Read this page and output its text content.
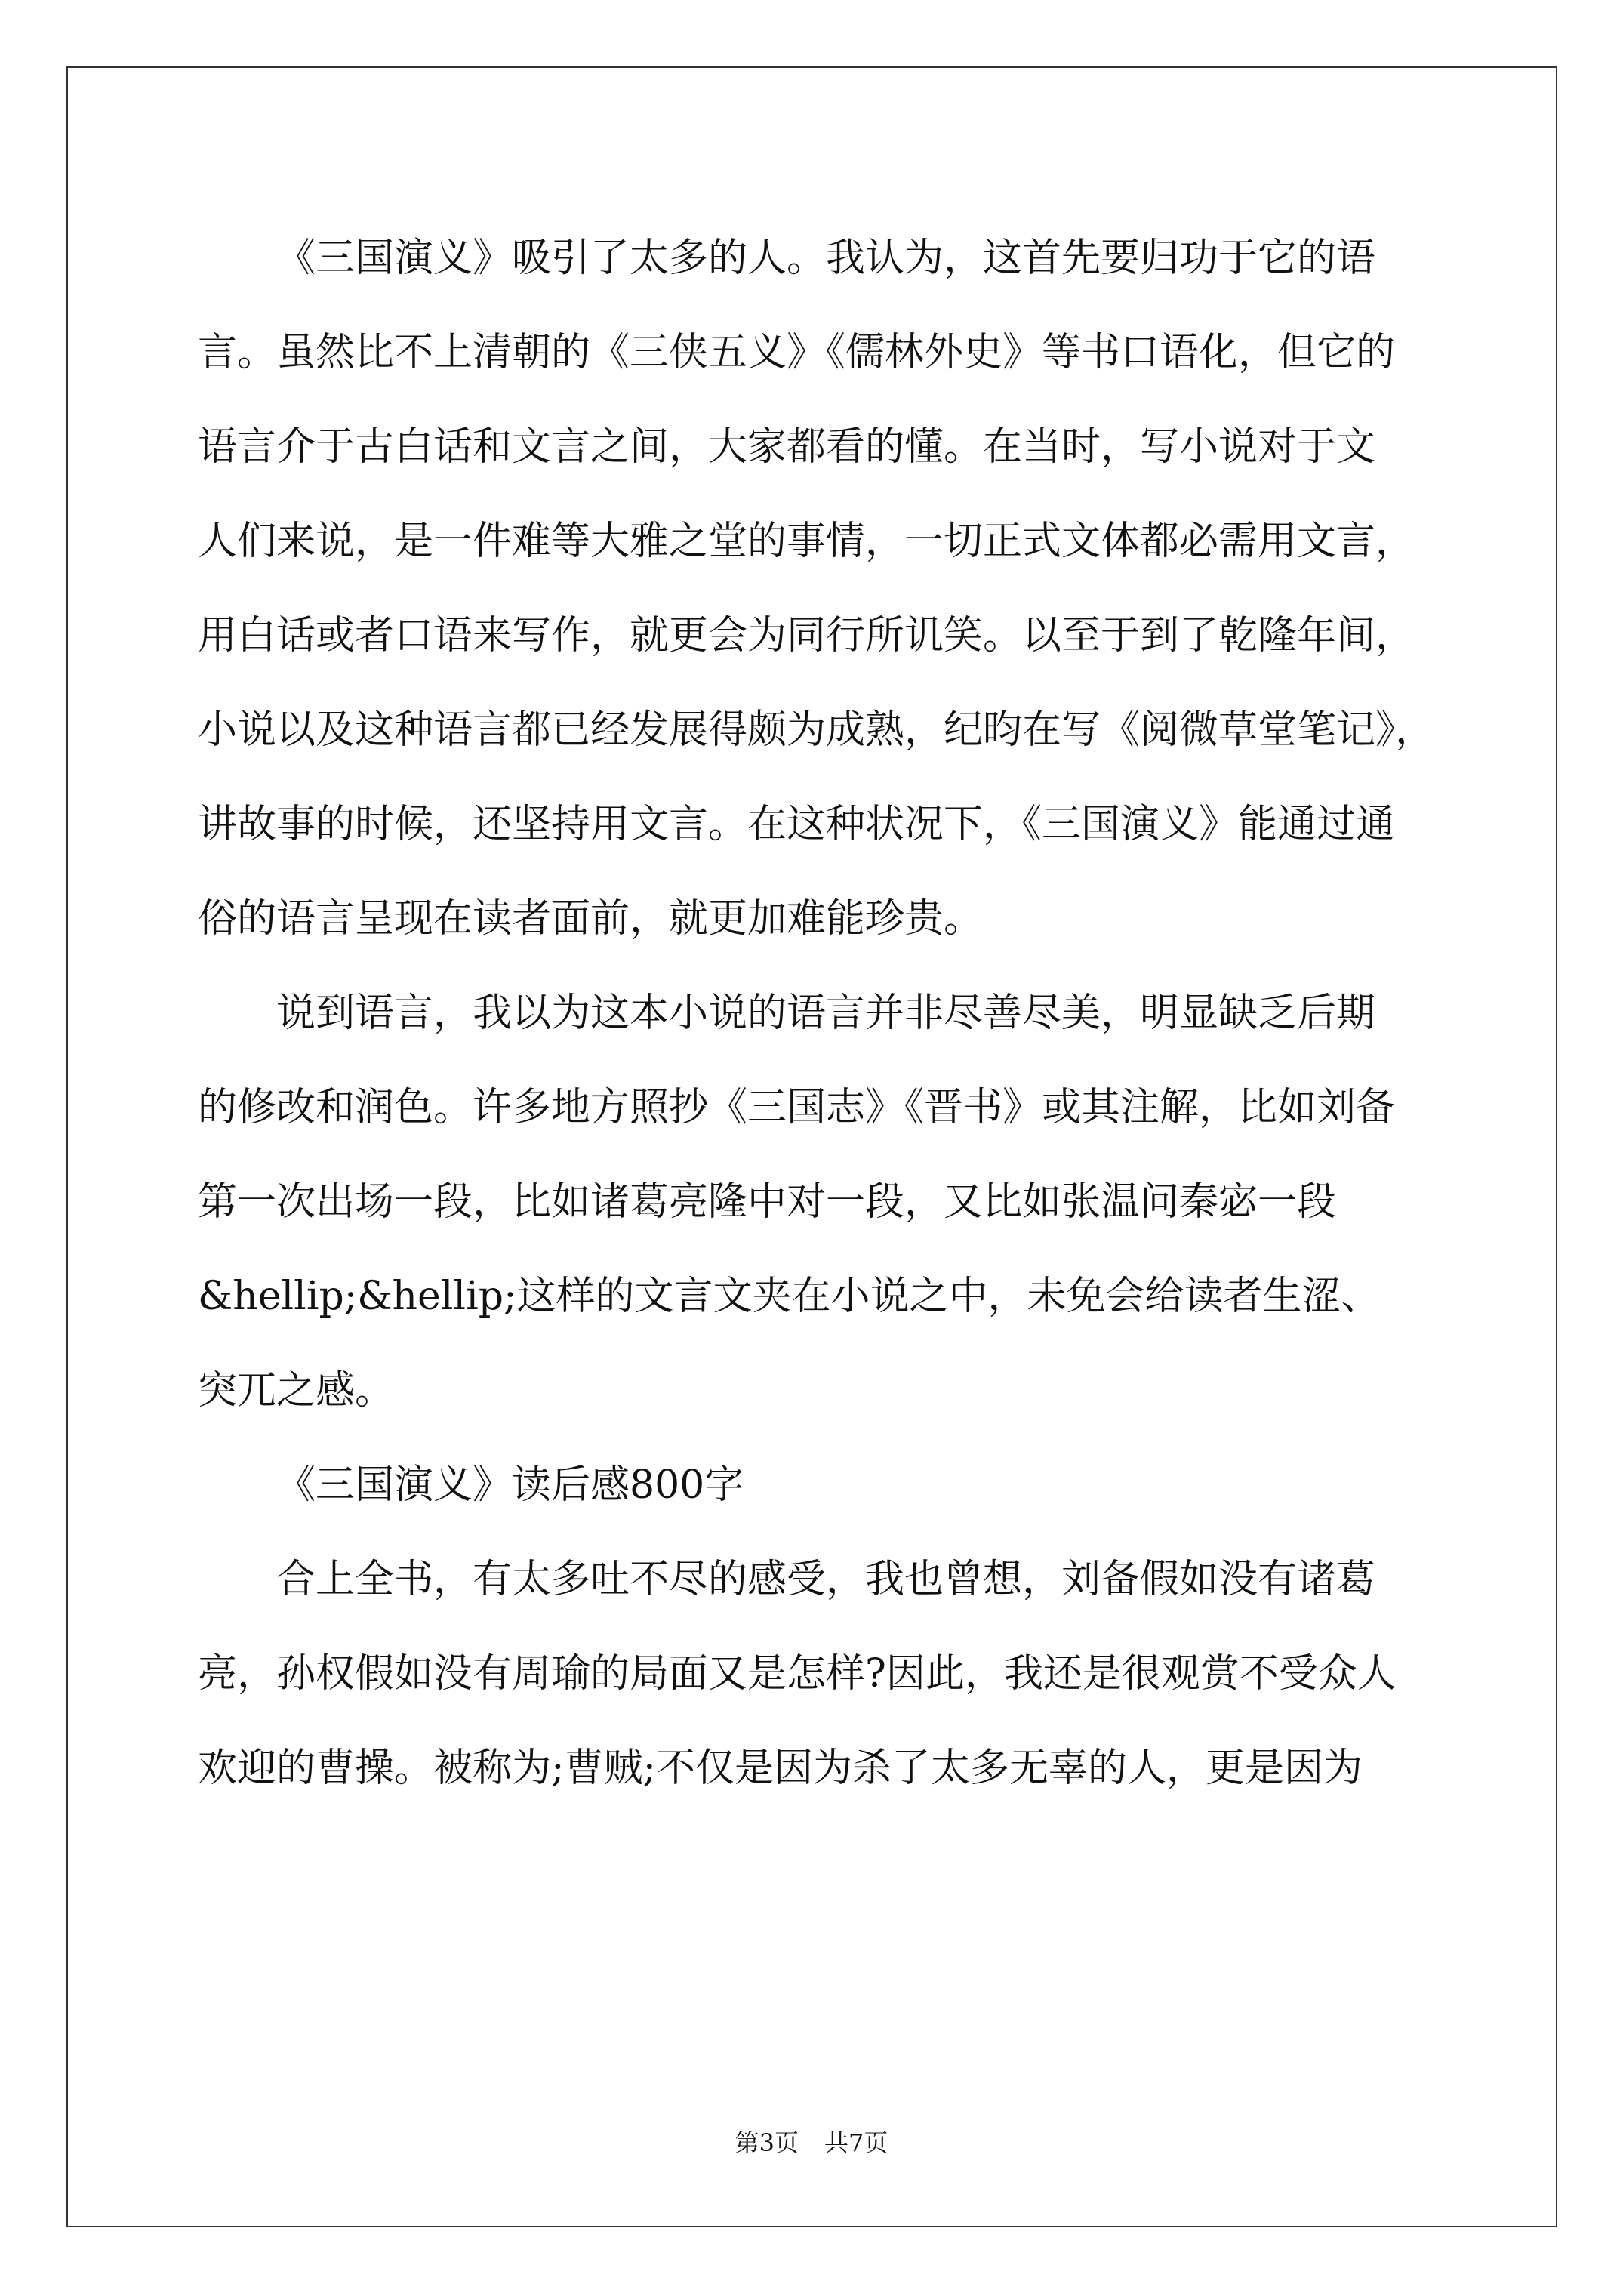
《三国演义》吸引了太多的人。我认为，这首先要归功于它的语
言。虽然比不上清朝的《三侠五义》《儒林外史》等书口语化，但它的
语言介于古白话和文言之间，大家都看的懂。在当时，写小说对于文
人们来说，是一件难等大雅之堂的事情，一切正式文体都必需用文言，
用白话或者口语来写作，就更会为同行所讥笑。以至于到了乾隆年间，
小说以及这种语言都已经发展得颇为成熟，纪昀在写《阅微草堂笔记》，
讲故事的时候，还坚持用文言。在这种状况下，《三国演义》能通过通
俗的语言呈现在读者面前，就更加难能珍贵。
说到语言，我以为这本小说的语言并非尽善尽美，明显缺乏后期
的修改和润色。许多地方照抄《三国志》《晋书》或其注解，比如刘备
第一次出场一段，比如诸葛亮隆中对一段，又比如张温问秦宓一段
&hellip;&hellip;这样的文言文夹在小说之中，未免会给读者生涩、
突兀之感。
《三国演义》读后感800字
合上全书，有太多吐不尽的感受，我也曾想，刘备假如没有诸葛
亮，孙权假如没有周瑜的局面又是怎样?因此，我还是很观赏不受众人
欢迎的曹操。被称为;曹贼;不仅是因为杀了太多无辜的人，更是因为
第3页 共7页
